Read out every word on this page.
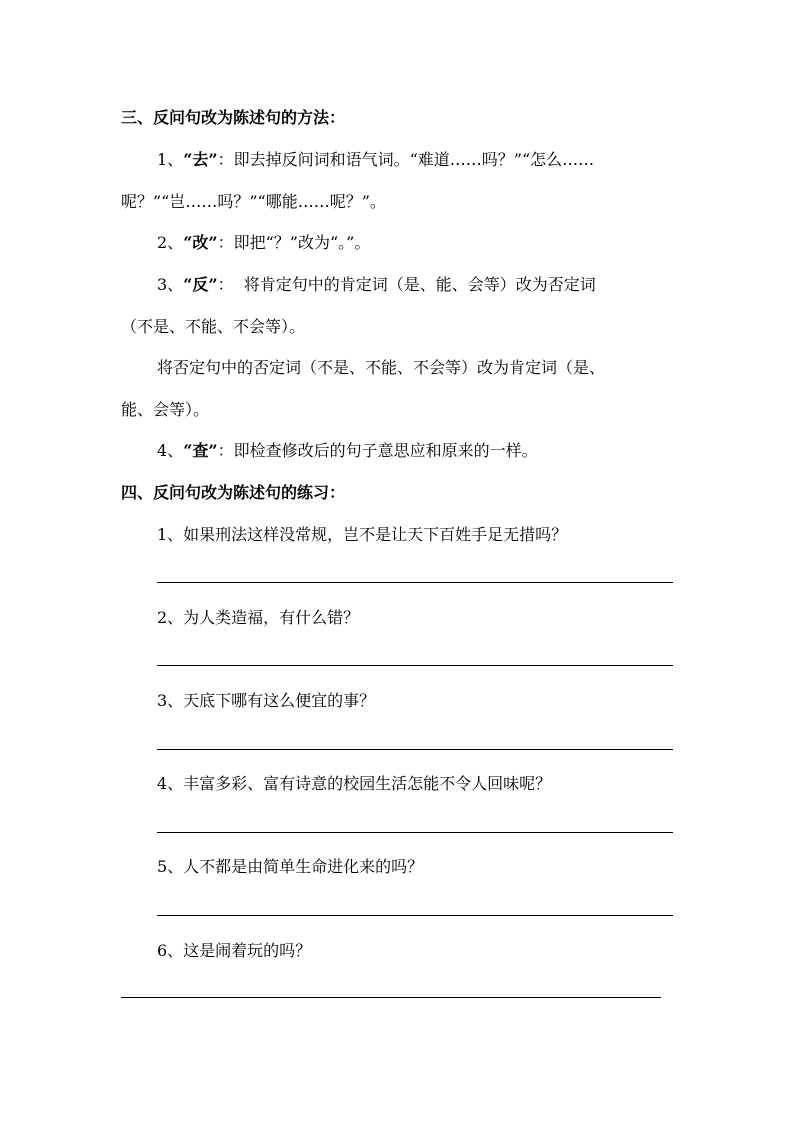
三、反问句改为陈述句的方法：
1、“去”：即去掉反问词和语气词。“难道……吗？”“怎么……
呢？”“岂……吗？”“哪能……呢？”。
2、“改”：即把“？”改为“。”。
3、“反”：  将肯定句中的肯定词（是、能、会等）改为否定词
（不是、不能、不会等）。
将否定句中的否定词（不是、不能、不会等）改为肯定词（是、
能、会等）。
4、“查”：即检查修改后的句子意思应和原来的一样。
四、反问句改为陈述句的练习：
1、如果刑法这样没常规，岂不是让天下百姓手足无措吗？
2、为人类造福，有什么错？
3、天底下哪有这么便宜的事？
4、丰富多彩、富有诗意的校园生活怎能不令人回味呢？
5、人不都是由简单生命进化来的吗？
6、这是闹着玩的吗？
